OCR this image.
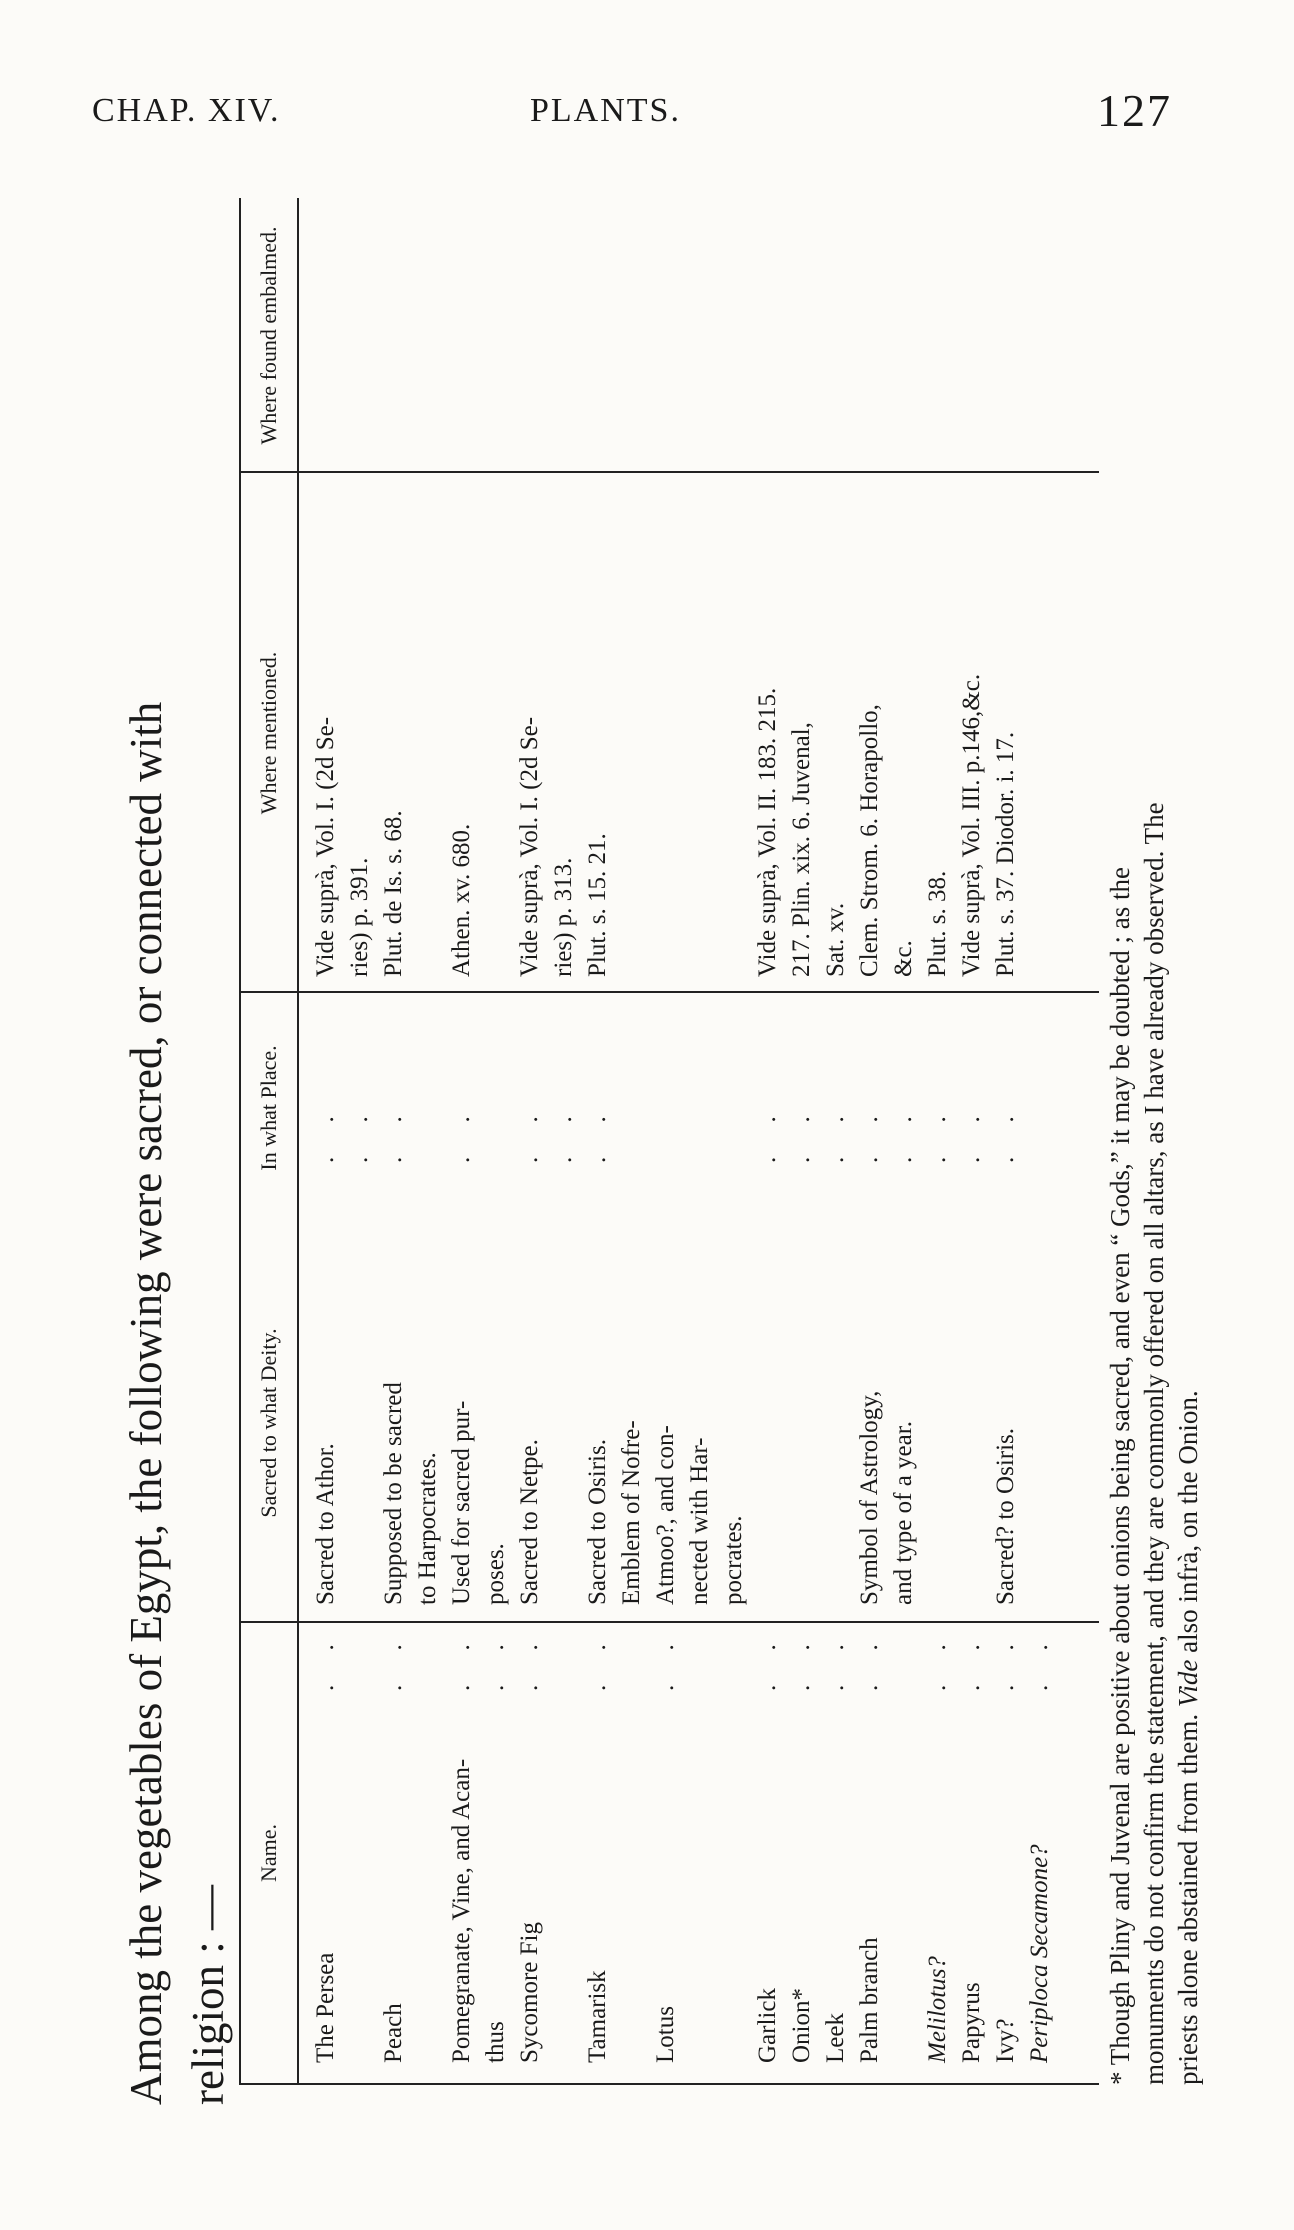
CHAP. XIV.	PLANTS.	127
Among the vegetables of Egypt, the following were sacred, or connected with religion : —
Name.
Sacred to what Deity.
In what Place.
Where mentioned.
Where found embalmed.
The Persea
Sacred to Athor.
Vide suprà, Vol. I. (2d Se-
. .
. .
ries) p. 391.
. .
Peach
Supposed to be sacred
Plut. de Is. s. 68.
. .
. .
to Harpocrates.
Pomegranate, Vine, and Acan-
Used for sacred pur-
Athen. xv. 680.
. .
. .
thus
poses.
. .
Sycomore Fig
Sacred to Netpe.
Vide suprà, Vol. I. (2d Se-
. .
. .
ries) p. 313.
. .
Tamarisk
Sacred to Osiris.
Plut. s. 15. 21.
. .
. .
Emblem of Nofre-
Lotus
Atmoo?, and con-
. .
nected with Har- pocrates.
Garlick
Vide suprà, Vol. II. 183. 215.
. .
. .
Onion*
217. Plin. xix. 6. Juvenal,
. .
. .
Leek
Sat. xv.
. .
. .
Palm branch
Symbol of Astrology,
Clem. Strom. 6. Horapollo,
. .
. .
and type of a year.
&c.
. .
Melilotus?
Plut. s. 38.
. .
. .
Papyrus
Vide suprà, Vol. III. p.146,&c.
. .
. .
Ivy?
Sacred? to Osiris.
Plut. s. 37. Diodor. i. 17.
. .
. .
Periploca Secamone?
. . * Though Pliny and Juvenal are positive about onions being sacred, and even “ Gods,” it may be doubted ; as the monuments do not confirm the statement, and they are commonly offered on all altars, as I have already observed. The priests alone abstained from them. Vide also infrà, on the Onion.
